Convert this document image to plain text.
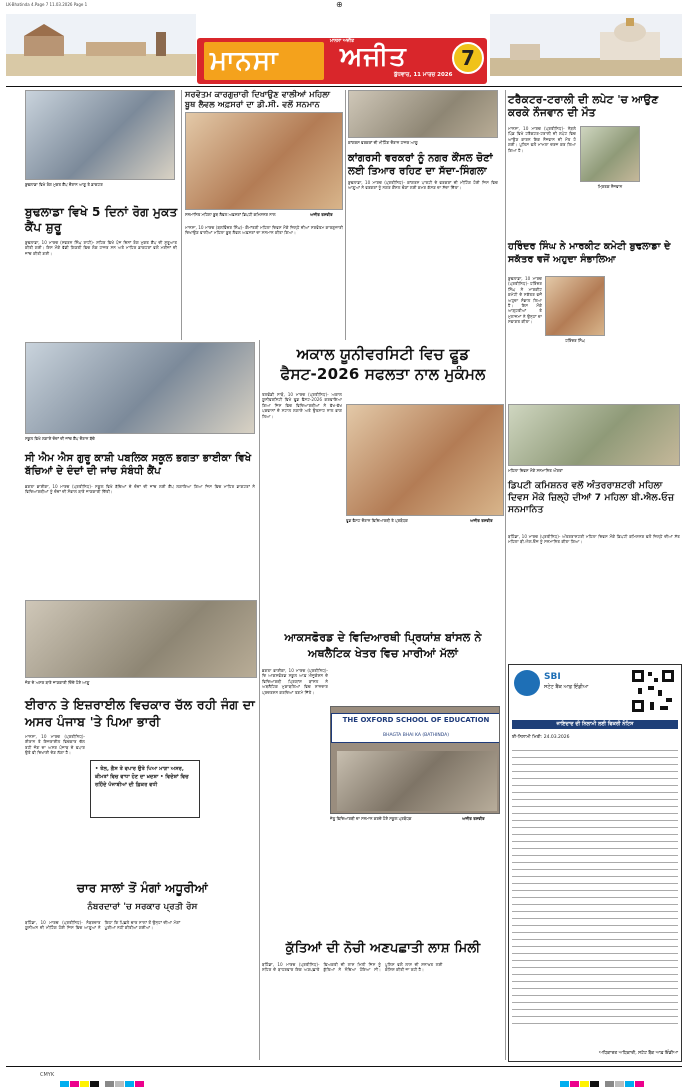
LK-Bhatinda 4.Page 7 11.03.2026 Page 1	⊕
ਮਾਨਸਾ ਅਜੀਤ
ਮਾਨਸਾ ਅਜੀਤ
ਬੁੱਧਵਾਰ, 11 ਮਾਰਚ 2026
7
ਬੁਢਲਾਡਾ ਵਿਖੇ ਰੋਗ ਮੁਕਤ ਕੈਂਪ ਦੌਰਾਨ ਆਗੂ ਤੇ ਡਾਕਟਰ
ਬੁਢਲਾਡਾ ਵਿਖੇ 5 ਦਿਨਾਂ ਰੋਗ ਮੁਕਤ ਕੈਂਪ ਸ਼ੁਰੂ
ਬੁਢਲਾਡਾ, 10 ਮਾਰਚ (ਸਵਰਨ ਸਿੰਘ ਰਾਹੀ)- ਸ਼ਹਿਰ ਵਿਖੇ ਪੰਜ ਦਿਨਾਂ ਰੋਗ ਮੁਕਤ ਕੈਂਪ ਦੀ ਸ਼ੁਰੂਆਤ ਕੀਤੀ ਗਈ। ਇਸ ਮੌਕੇ ਵੱਡੀ ਗਿਣਤੀ ਵਿਚ ਲੋਕ ਹਾਜ਼ਰ ਸਨ ਅਤੇ ਮਾਹਿਰ ਡਾਕਟਰਾਂ ਵਲੋਂ ਮਰੀਜ਼ਾਂ ਦੀ ਜਾਂਚ ਕੀਤੀ ਗਈ।
ਸਰਵੋਤਮ ਕਾਰਗੁਜ਼ਾਰੀ ਦਿਖਾਉਣ ਵਾਲੀਆਂ ਮਹਿਲਾ ਬੂਥ ਲੈਵਲ ਅਫ਼ਸਰਾਂ ਦਾ ਡੀ.ਸੀ. ਵਲੋਂ ਸਨਮਾਨ
ਸਨਮਾਨਿਤ ਮਹਿਲਾ ਬੂਥ ਲੈਵਲ ਅਫ਼ਸਰਾਂ ਡਿਪਟੀ ਕਮਿਸ਼ਨਰ ਨਾਲ	ਅਜੀਤ ਤਸਵੀਰ
ਮਾਨਸਾ, 10 ਮਾਰਚ (ਬਲਵਿੰਦਰ ਸਿੰਘ)- ਕੌਮਾਂਤਰੀ ਮਹਿਲਾ ਦਿਵਸ ਮੌਕੇ ਜ਼ਿਲ੍ਹੇ ਦੀਆਂ ਸਰਵੋਤਮ ਕਾਰਗੁਜ਼ਾਰੀ ਦਿਖਾਉਣ ਵਾਲੀਆਂ ਮਹਿਲਾ ਬੂਥ ਲੈਵਲ ਅਫ਼ਸਰਾਂ ਦਾ ਸਨਮਾਨ ਕੀਤਾ ਗਿਆ।
ਕਾਂਗਰਸ ਵਰਕਰਾਂ ਦੀ ਮੀਟਿੰਗ ਦੌਰਾਨ ਹਾਜ਼ਰ ਆਗੂ
ਕਾਂਗਰਸੀ ਵਰਕਰਾਂ ਨੂੰ ਨਗਰ ਕੌਂਸਲ ਚੋਣਾਂ ਲਈ ਤਿਆਰ ਰਹਿਣ ਦਾ ਸੱਦਾ-ਸਿੰਗਲਾ
ਬੁਢਲਾਡਾ, 10 ਮਾਰਚ (ਪ੍ਰਤੀਨਿਧ)- ਕਾਂਗਰਸ ਪਾਰਟੀ ਦੇ ਵਰਕਰਾਂ ਦੀ ਮੀਟਿੰਗ ਹੋਈ ਜਿਸ ਵਿਚ ਆਗੂਆਂ ਨੇ ਵਰਕਰਾਂ ਨੂੰ ਨਗਰ ਕੌਂਸਲ ਚੋਣਾਂ ਲਈ ਕਮਰ ਕੱਸਣ ਦਾ ਸੱਦਾ ਦਿੱਤਾ।
ਟਰੈਕਟਰ-ਟਰਾਲੀ ਦੀ ਲਪੇਟ 'ਚ ਆਉਣ ਕਰਕੇ ਨੌਜਵਾਨ ਦੀ ਮੌਤ
ਮ੍ਰਿਤਕ ਨੌਜਵਾਨ
ਮਾਨਸਾ, 10 ਮਾਰਚ (ਪ੍ਰਤੀਨਿਧ)- ਨੇੜਲੇ ਪਿੰਡ ਵਿਖੇ ਟਰੈਕਟਰ-ਟਰਾਲੀ ਦੀ ਲਪੇਟ ਵਿਚ ਆਉਣ ਕਾਰਨ ਇਕ ਨੌਜਵਾਨ ਦੀ ਮੌਤ ਹੋ ਗਈ। ਪੁਲਿਸ ਵਲੋਂ ਮਾਮਲਾ ਦਰਜ ਕਰ ਲਿਆ ਗਿਆ ਹੈ।
ਹਰਿੰਦਰ ਸਿੰਘ ਨੇ ਮਾਰਕੀਟ ਕਮੇਟੀ ਬੁਢਲਾਡਾ ਦੇ ਸਕੱਤਰ ਵਜੋਂ ਅਹੁਦਾ ਸੰਭਾਲਿਆ
ਹਰਿੰਦਰ ਸਿੰਘ
ਬੁਢਲਾਡਾ, 10 ਮਾਰਚ (ਪ੍ਰਤੀਨਿਧ)- ਹਰਿੰਦਰ ਸਿੰਘ ਨੇ ਮਾਰਕੀਟ ਕਮੇਟੀ ਦੇ ਸਕੱਤਰ ਵਜੋਂ ਅਹੁਦਾ ਸੰਭਾਲ ਲਿਆ ਹੈ। ਇਸ ਮੌਕੇ ਆੜ੍ਹਤੀਆਂ ਤੇ ਮੁਲਾਜ਼ਮਾਂ ਨੇ ਉਨ੍ਹਾਂ ਦਾ ਸਵਾਗਤ ਕੀਤਾ।
ਸਕੂਲ ਵਿਖੇ ਲਗਾਏ ਦੰਦਾਂ ਦੀ ਜਾਂਚ ਕੈਂਪ ਦੌਰਾਨ ਬੱਚੇ
ਸੀ ਐਮ ਐਸ ਗੁਰੂ ਕਾਸ਼ੀ ਪਬਲਿਕ ਸਕੂਲ ਭਗਤਾ ਭਾਈਕਾ ਵਿਖੇ ਬੱਚਿਆਂ ਦੇ ਦੰਦਾਂ ਦੀ ਜਾਂਚ ਸੰਬੰਧੀ ਕੈਂਪ
ਭਗਤਾ ਭਾਈਕਾ, 10 ਮਾਰਚ (ਪ੍ਰਤੀਨਿਧ)- ਸਕੂਲ ਵਿਖੇ ਬੱਚਿਆਂ ਦੇ ਦੰਦਾਂ ਦੀ ਜਾਂਚ ਲਈ ਕੈਂਪ ਲਗਾਇਆ ਗਿਆ ਜਿਸ ਵਿਚ ਮਾਹਿਰ ਡਾਕਟਰਾਂ ਨੇ ਵਿਦਿਆਰਥੀਆਂ ਨੂੰ ਦੰਦਾਂ ਦੀ ਸੰਭਾਲ ਬਾਰੇ ਜਾਣਕਾਰੀ ਦਿੱਤੀ।
ਅਕਾਲ ਯੂਨੀਵਰਸਿਟੀ ਵਿਚ ਫੂਡ ਫੈਸਟ-2026 ਸਫਲਤਾ ਨਾਲ ਮੁਕੰਮਲ
ਤਲਵੰਡੀ ਸਾਬੋ, 10 ਮਾਰਚ (ਪ੍ਰਤੀਨਿਧ)- ਅਕਾਲ ਯੂਨੀਵਰਸਿਟੀ ਵਿਖੇ ਫੂਡ ਫੈਸਟ-2026 ਕਰਵਾਇਆ ਗਿਆ ਜਿਸ ਵਿਚ ਵਿਦਿਆਰਥੀਆਂ ਨੇ ਵੱਖ-ਵੱਖ ਪਕਵਾਨਾਂ ਦੇ ਸਟਾਲ ਲਗਾਏ ਅਤੇ ਉਤਸ਼ਾਹ ਨਾਲ ਭਾਗ ਲਿਆ।
ਫੂਡ ਫੈਸਟ ਦੌਰਾਨ ਵਿਦਿਆਰਥੀ ਤੇ ਪ੍ਰਬੰਧਕ	ਅਜੀਤ ਤਸਵੀਰ
ਮਹਿਲਾ ਦਿਵਸ ਮੌਕੇ ਸਨਮਾਨਿਤ ਔਰਤਾਂ
ਡਿਪਟੀ ਕਮਿਸ਼ਨਰ ਵਲੋਂ ਅੰਤਰਰਾਸ਼ਟਰੀ ਮਹਿਲਾ ਦਿਵਸ ਮੌਕੇ ਜ਼ਿਲ੍ਹੇ ਦੀਆਂ 7 ਮਹਿਲਾ ਬੀ.ਐਲ.ਓਜ਼ ਸਨਮਾਨਿਤ
ਬਠਿੰਡਾ, 10 ਮਾਰਚ (ਪ੍ਰਤੀਨਿਧ)- ਅੰਤਰਰਾਸ਼ਟਰੀ ਮਹਿਲਾ ਦਿਵਸ ਮੌਕੇ ਡਿਪਟੀ ਕਮਿਸ਼ਨਰ ਵਲੋਂ ਜ਼ਿਲ੍ਹੇ ਦੀਆਂ ਸੱਤ ਮਹਿਲਾ ਬੀ.ਐਲ.ਓਜ਼ ਨੂੰ ਸਨਮਾਨਿਤ ਕੀਤਾ ਗਿਆ।
ਜੰਗ ਦੇ ਅਸਰ ਬਾਰੇ ਜਾਣਕਾਰੀ ਦਿੰਦੇ ਹੋਏ ਆਗੂ
ਈਰਾਨ ਤੇ ਇਜ਼ਰਾਈਲ ਵਿਚਕਾਰ ਚੱਲ ਰਹੀ ਜੰਗ ਦਾ ਅਸਰ ਪੰਜਾਬ 'ਤੇ ਪਿਆ ਭਾਰੀ
ਮਾਨਸਾ, 10 ਮਾਰਚ (ਪ੍ਰਤੀਨਿਧ)- ਈਰਾਨ ਤੇ ਇਜ਼ਰਾਈਲ ਵਿਚਕਾਰ ਚੱਲ ਰਹੀ ਜੰਗ ਦਾ ਅਸਰ ਪੰਜਾਬ ਦੇ ਵਪਾਰ ਉਤੇ ਵੀ ਦਿਖਾਈ ਦੇਣ ਲੱਗਾ ਹੈ।
• ਤੇਲ, ਗੈਸ ਤੇ ਵਪਾਰ ਉਤੇ ਪਿਆ ਮਾੜਾ ਅਸਰ, ਕੀਮਤਾਂ ਵਿਚ ਵਾਧਾ ਹੋਣ ਦਾ ਖ਼ਦਸ਼ਾ • ਵਿਦੇਸ਼ਾਂ ਵਿਚ ਰਹਿੰਦੇ ਪੰਜਾਬੀਆਂ ਦੀ ਫ਼ਿਕਰ ਵਧੀ
ਆਕਸਫੋਰਡ ਦੇ ਵਿਦਿਆਰਥੀ ਪ੍ਰਿਯਾਂਸ਼ ਬਾਂਸਲ ਨੇ ਅਥਲੈਟਿਕ ਖੇਤਰ ਵਿਚ ਮਾਰੀਆਂ ਮੱਲਾਂ
ਭਗਤਾ ਭਾਈਕਾ, 10 ਮਾਰਚ (ਪ੍ਰਤੀਨਿਧ)- ਦਿ ਆਕਸਫੋਰਡ ਸਕੂਲ ਆਫ਼ ਐਜੂਕੇਸ਼ਨ ਦੇ ਵਿਦਿਆਰਥੀ ਪ੍ਰਿਯਾਂਸ਼ ਬਾਂਸਲ ਨੇ ਅਥਲੈਟਿਕ ਮੁਕਾਬਲਿਆਂ ਵਿਚ ਸ਼ਾਨਦਾਰ ਪ੍ਰਦਰਸ਼ਨ ਕਰਦਿਆਂ ਤਗਮੇ ਜਿੱਤੇ।
THE OXFORD SCHOOL OF EDUCATION
BHAGTA BHAI KA (BATHINDA)
ਜੇਤੂ ਵਿਦਿਆਰਥੀ ਦਾ ਸਨਮਾਨ ਕਰਦੇ ਹੋਏ ਸਕੂਲ ਪ੍ਰਬੰਧਕ	ਅਜੀਤ ਤਸਵੀਰ
SBI
ਸਟੇਟ ਬੈਂਕ ਆਫ਼ ਇੰਡੀਆ
ਜਾਇਦਾਦ ਦੀ ਨਿਲਾਮੀ ਲਈ ਵਿਕਰੀ ਨੋਟਿਸ
ਈ-ਨਿਲਾਮੀ ਮਿਤੀ: 24.03.2026
ਅਧਿਕਾਰਤ ਅਧਿਕਾਰੀ, ਸਟੇਟ ਬੈਂਕ ਆਫ਼ ਇੰਡੀਆ
ਚਾਰ ਸਾਲਾਂ ਤੋਂ ਮੰਗਾਂ ਅਧੂਰੀਆਂ
ਨੰਬਰਦਾਰਾਂ 'ਚ ਸਰਕਾਰ ਪ੍ਰਤੀ ਰੋਸ
ਬਠਿੰਡਾ, 10 ਮਾਰਚ (ਪ੍ਰਤੀਨਿਧ)- ਨੰਬਰਦਾਰ ਯੂਨੀਅਨ ਦੀ ਮੀਟਿੰਗ ਹੋਈ ਜਿਸ ਵਿਚ ਆਗੂਆਂ ਨੇ ਕਿਹਾ ਕਿ ਪਿਛਲੇ ਚਾਰ ਸਾਲਾਂ ਤੋਂ ਉਨ੍ਹਾਂ ਦੀਆਂ ਮੰਗਾਂ ਪੂਰੀਆਂ ਨਹੀਂ ਕੀਤੀਆਂ ਗਈਆਂ।
ਕੁੱਤਿਆਂ ਦੀ ਨੋਚੀ ਅਣਪਛਾਤੀ ਲਾਸ਼ ਮਿਲੀ
ਬਠਿੰਡਾ, 10 ਮਾਰਚ (ਪ੍ਰਤੀਨਿਧ)- ਸ਼ਹਿਰ ਦੇ ਬਾਹਰਵਾਰ ਇਕ ਅਣਪਛਾਤੇ ਵਿਅਕਤੀ ਦੀ ਲਾਸ਼ ਮਿਲੀ ਜਿਸ ਨੂੰ ਕੁੱਤਿਆਂ ਨੇ ਨੋਚਿਆ ਹੋਇਆ ਸੀ। ਪੁਲਿਸ ਵਲੋਂ ਲਾਸ਼ ਦੀ ਸ਼ਨਾਖ਼ਤ ਲਈ ਕੋਸ਼ਿਸ਼ ਕੀਤੀ ਜਾ ਰਹੀ ਹੈ।
CMYK
